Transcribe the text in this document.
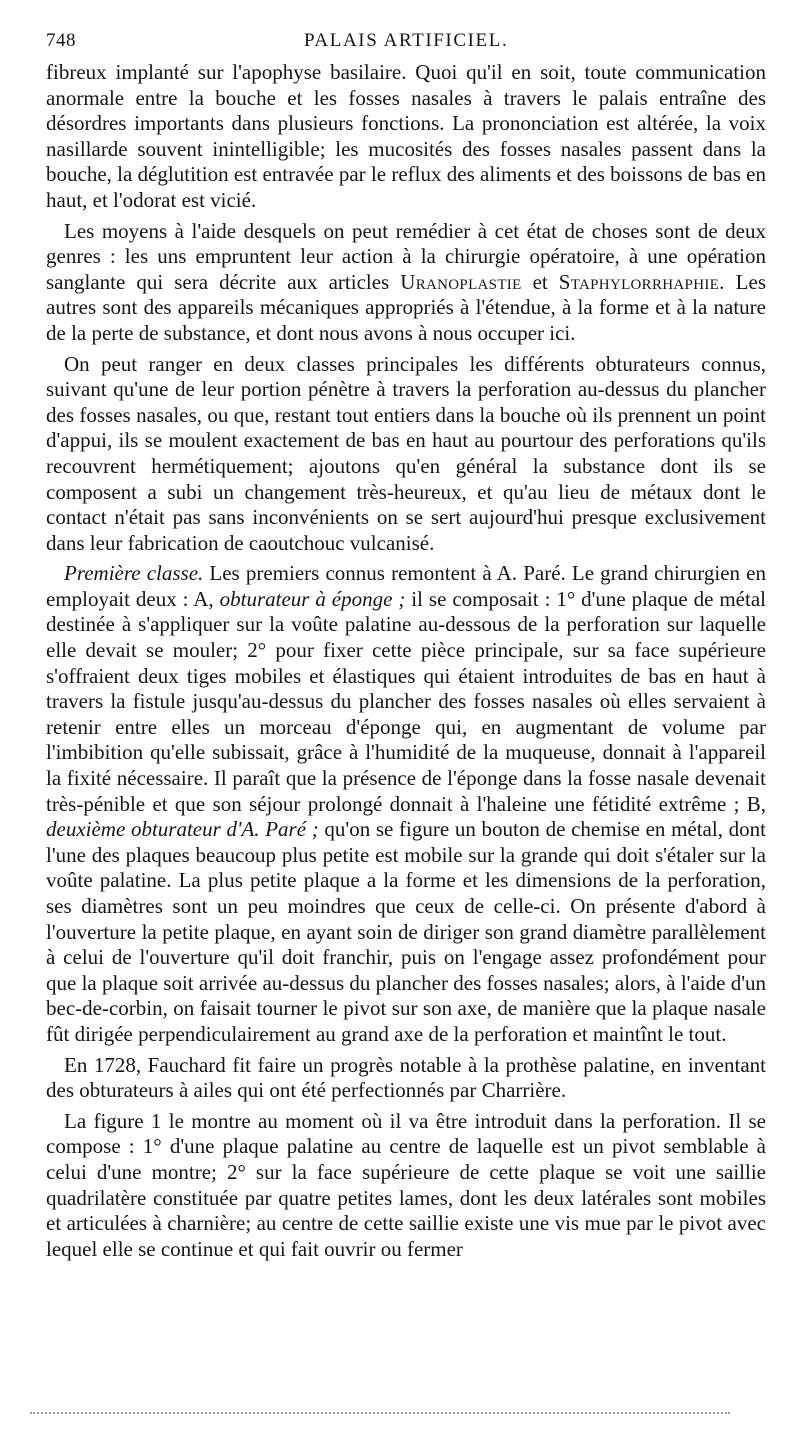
748	PALAIS ARTIFICIEL.

fibreux implanté sur l'apophyse basilaire. Quoi qu'il en soit, toute communication anormale entre la bouche et les fosses nasales à travers le palais entraîne des désordres importants dans plusieurs fonctions. La prononciation est altérée, la voix nasillarde souvent inintelligible; les mucosités des fosses nasales passent dans la bouche, la déglutition est entravée par le reflux des aliments et des boissons de bas en haut, et l'odorat est vicié.

Les moyens à l'aide desquels on peut remédier à cet état de choses sont de deux genres : les uns empruntent leur action à la chirurgie opératoire, à une opération sanglante qui sera décrite aux articles Uranoplastie et Staphylorrhaphie. Les autres sont des appareils mécaniques appropriés à l'étendue, à la forme et à la nature de la perte de substance, et dont nous avons à nous occuper ici.

On peut ranger en deux classes principales les différents obturateurs connus, suivant qu'une de leur portion pénètre à travers la perforation au-dessus du plancher des fosses nasales, ou que, restant tout entiers dans la bouche où ils prennent un point d'appui, ils se moulent exactement de bas en haut au pourtour des perforations qu'ils recouvrent hermétiquement; ajoutons qu'en général la substance dont ils se composent a subi un changement très-heureux, et qu'au lieu de métaux dont le contact n'était pas sans inconvénients on se sert aujourd'hui presque exclusivement dans leur fabrication de caoutchouc vulcanisé.

Première classe. Les premiers connus remontent à A. Paré. Le grand chirurgien en employait deux : A, obturateur à éponge ; il se composait : 1° d'une plaque de métal destinée à s'appliquer sur la voûte palatine au-dessous de la perforation sur laquelle elle devait se mouler; 2° pour fixer cette pièce principale, sur sa face supérieure s'offraient deux tiges mobiles et élastiques qui étaient introduites de bas en haut à travers la fistule jusqu'au-dessus du plancher des fosses nasales où elles servaient à retenir entre elles un morceau d'éponge qui, en augmentant de volume par l'imbibition qu'elle subissait, grâce à l'humidité de la muqueuse, donnait à l'appareil la fixité nécessaire. Il paraît que la présence de l'éponge dans la fosse nasale devenait très-pénible et que son séjour prolongé donnait à l'haleine une fétidité extrême ; B, deuxième obturateur d'A. Paré ; qu'on se figure un bouton de chemise en métal, dont l'une des plaques beaucoup plus petite est mobile sur la grande qui doit s'étaler sur la voûte palatine. La plus petite plaque a la forme et les dimensions de la perforation, ses diamètres sont un peu moindres que ceux de celle-ci. On présente d'abord à l'ouverture la petite plaque, en ayant soin de diriger son grand diamètre parallèlement à celui de l'ouverture qu'il doit franchir, puis on l'engage assez profondément pour que la plaque soit arrivée au-dessus du plancher des fosses nasales; alors, à l'aide d'un bec-de-corbin, on faisait tourner le pivot sur son axe, de manière que la plaque nasale fût dirigée perpendiculairement au grand axe de la perforation et maintînt le tout.

En 1728, Fauchard fit faire un progrès notable à la prothèse palatine, en inventant des obturateurs à ailes qui ont été perfectionnés par Charrière.

La figure 1 le montre au moment où il va être introduit dans la perforation. Il se compose : 1° d'une plaque palatine au centre de laquelle est un pivot semblable à celui d'une montre; 2° sur la face supérieure de cette plaque se voit une saillie quadrilatère constituée par quatre petites lames, dont les deux latérales sont mobiles et articulées à charnière; au centre de cette saillie existe une vis mue par le pivot avec lequel elle se continue et qui fait ouvrir ou fermer
